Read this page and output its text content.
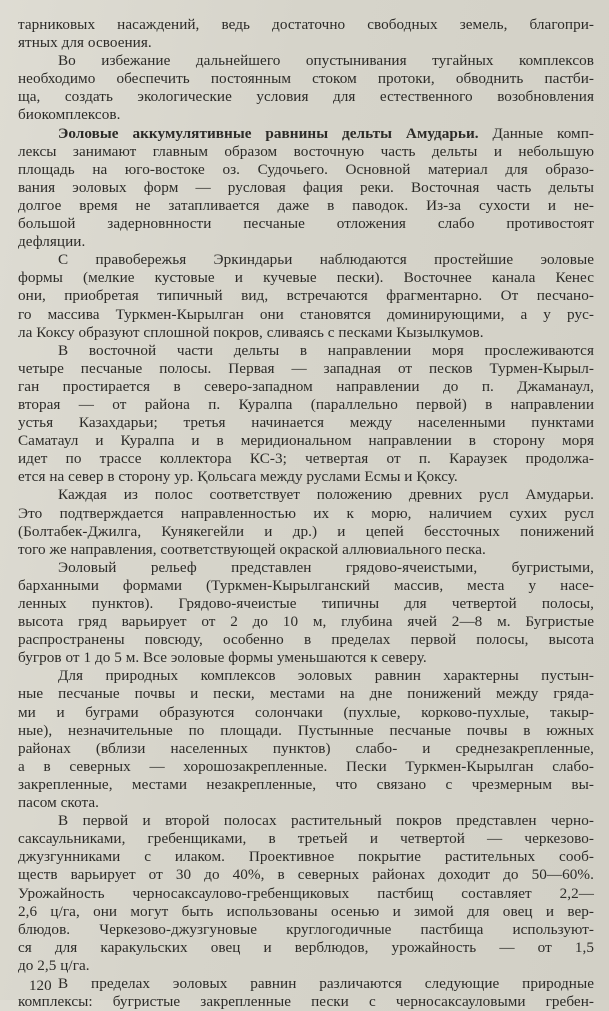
тарниковых насаждений, ведь достаточно свободных земель, благопри-
ятных для освоения.
Во избежание дальнейшего опустынивания тугайных комплексов
необходимо обеспечить постоянным стоком протоки, обводнить пастби-
ща, создать экологические условия для естественного возобновления
биокомплексов.
Эоловые аккумулятивные равнины дельты Амударьи. Данные комп-
лексы занимают главным образом восточную часть дельты и небольшую
площадь на юго-востоке оз. Судочьего. Основной материал для образо-
вания эоловых форм — русловая фация реки. Восточная часть дельты
долгое время не затапливается даже в паводок. Из-за сухости и не-
большой задерновнности песчаные отложения слабо противостоят
дефляции.
С правобережья Эркиндарьи наблюдаются простейшие эоловые
формы (мелкие кустовые и кучевые пески). Восточнее канала Кенес
они, приобретая типичный вид, встречаются фрагментарно. От песчано-
го массива Туркмен-Кырылган они становятся доминирующими, а у рус-
ла Коксу образуют сплошной покров, сливаясь с песками Кызылкумов.
В восточной части дельты в направлении моря прослеживаются
четыре песчаные полосы. Первая — западная от песков Турмен-Кырыл-
ган простирается в северо-западном направлении до п. Джаманаул,
вторая — от района п. Куралпа (параллельно первой) в направлении
устья Казахдарьи; третья начинается между населенными пунктами
Саматаул и Куралпа и в меридиональном направлении в сторону моря
идет по трассе коллектора КС-3; четвертая от п. Караузек продолжа-
ется на север в сторону ур. Қольсага между руслами Есмы и Қоксу.
Каждая из полос соответствует положению древних русл Амударьи.
Это подтверждается направленностью их к морю, наличием сухих русл
(Болтабек-Джилга, Кунякегейли и др.) и цепей бессточных понижений
того же направления, соответствующей окраской аллювиального песка.
Эоловый рельеф представлен грядово-ячеистыми, бугристыми,
барханными формами (Туркмен-Кырылганский массив, места у насе-
ленных пунктов). Грядово-ячеистые типичны для четвертой полосы,
высота гряд варьирует от 2 до 10 м, глубина ячей 2—8 м. Бугристые
распространены повсюду, особенно в пределах первой полосы, высота
бугров от 1 до 5 м. Все эоловые формы уменьшаются к северу.
Для природных комплексов эоловых равнин характерны пустын-
ные песчаные почвы и пески, местами на дне понижений между гряда-
ми и буграми образуются солончаки (пухлые, корково-пухлые, такыр-
ные), незначительные по площади. Пустынные песчаные почвы в южных
районах (вблизи населенных пунктов) слабо- и среднезакрепленные,
а в северных — хорошозакрепленные. Пески Туркмен-Кырылган слабо-
закрепленные, местами незакрепленные, что связано с чрезмерным вы-
пасом скота.
В первой и второй полосах растительный покров представлен черно-
саксаульниками, гребенщиками, в третьей и четвертой — черкезово-
джузгунниками с илаком. Проективное покрытие растительных сооб-
ществ варьирует от 30 до 40%, в северных районах доходит до 50—60%.
Урожайность черносаксаулово-гребенщиковых пастбищ составляет 2,2—
2,6 ц/га, они могут быть использованы осенью и зимой для овец и вер-
блюдов. Черкезово-джузгуновые круглогодичные пастбища используют-
ся для каракульских овец и верблюдов, урожайность — от 1,5
до 2,5 ц/га.
В пределах эоловых равнин различаются следующие природные
комплексы: бугристые закрепленные пески с черносаксауловыми гребен-
120
